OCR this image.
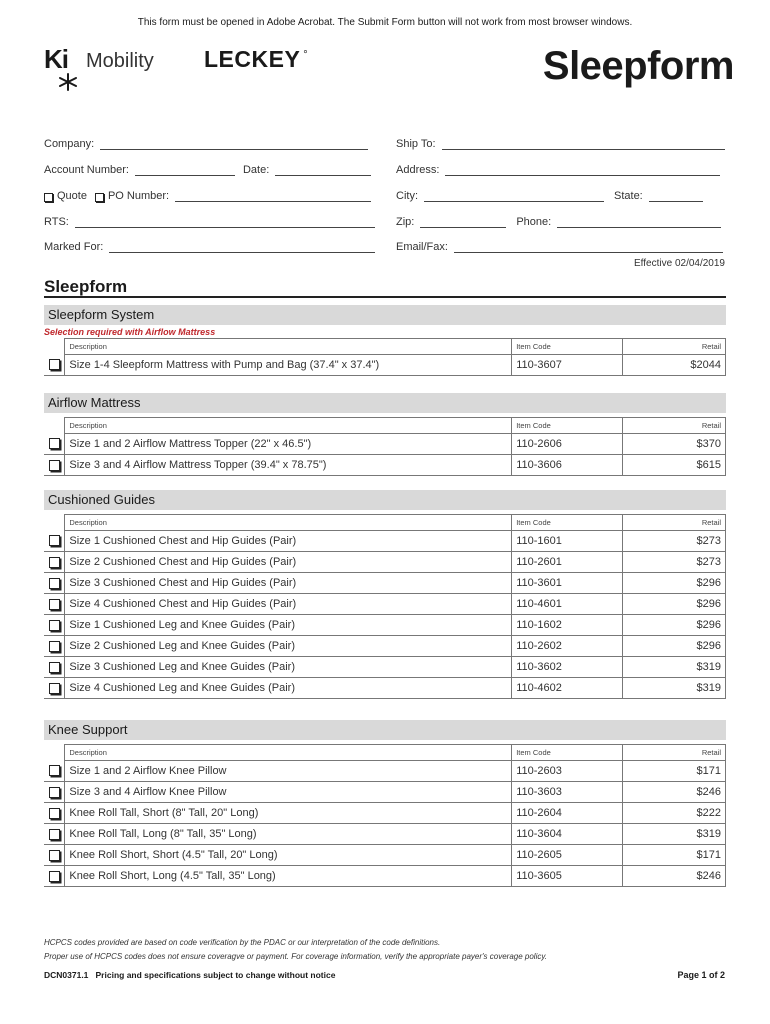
This form must be opened in Adobe Acrobat. The Submit Form button will not work from most browser windows.
Ki Mobility LECKEY °	Sleepform
Company:	Ship To:
Account Number:	Date:	Address:
Quote PO Number:	City:	State:
RTS:	Zip:	Phone:
Marked For:	Email/Fax:
Effective 02/04/2019
Sleepform
Sleepform System
Selection required with Airflow Mattress
	Description	Item Code	Retail
	Size 1-4 Sleepform Mattress with Pump and Bag (37.4" x 37.4")	110-3607	$2044
Airflow Mattress
	Description	Item Code	Retail
	Size 1 and 2 Airflow Mattress Topper (22" x 46.5")	110-2606	$370
	Size 3 and 4 Airflow Mattress Topper (39.4" x 78.75")	110-3606	$615
Cushioned Guides
	Description	Item Code	Retail
	Size 1 Cushioned Chest and Hip Guides (Pair)	110-1601	$273
	Size 2 Cushioned Chest and Hip Guides (Pair)	110-2601	$273
	Size 3 Cushioned Chest and Hip Guides (Pair)	110-3601	$296
	Size 4 Cushioned Chest and Hip Guides (Pair)	110-4601	$296
	Size 1 Cushioned Leg and Knee Guides (Pair)	110-1602	$296
	Size 2 Cushioned Leg and Knee Guides (Pair)	110-2602	$296
	Size 3 Cushioned Leg and Knee Guides (Pair)	110-3602	$319
	Size 4 Cushioned Leg and Knee Guides (Pair)	110-4602	$319
Knee Support
	Description	Item Code	Retail
	Size 1 and 2 Airflow Knee Pillow	110-2603	$171
	Size 3 and 4 Airflow Knee Pillow	110-3603	$246
	Knee Roll Tall, Short (8" Tall, 20" Long)	110-2604	$222
	Knee Roll Tall, Long (8" Tall, 35" Long)	110-3604	$319
	Knee Roll Short, Short (4.5" Tall, 20" Long)	110-2605	$171
	Knee Roll Short, Long (4.5" Tall, 35" Long)	110-3605	$246
HCPCS codes provided are based on code verification by the PDAC or our interpretation of the code definitions.
Proper use of HCPCS codes does not ensure coveragve or payment. For coverage information, verify the appropriate payer's coverage policy.
DCN0371.1 Pricing and specifications subject to change without notice	Page 1 of 2
